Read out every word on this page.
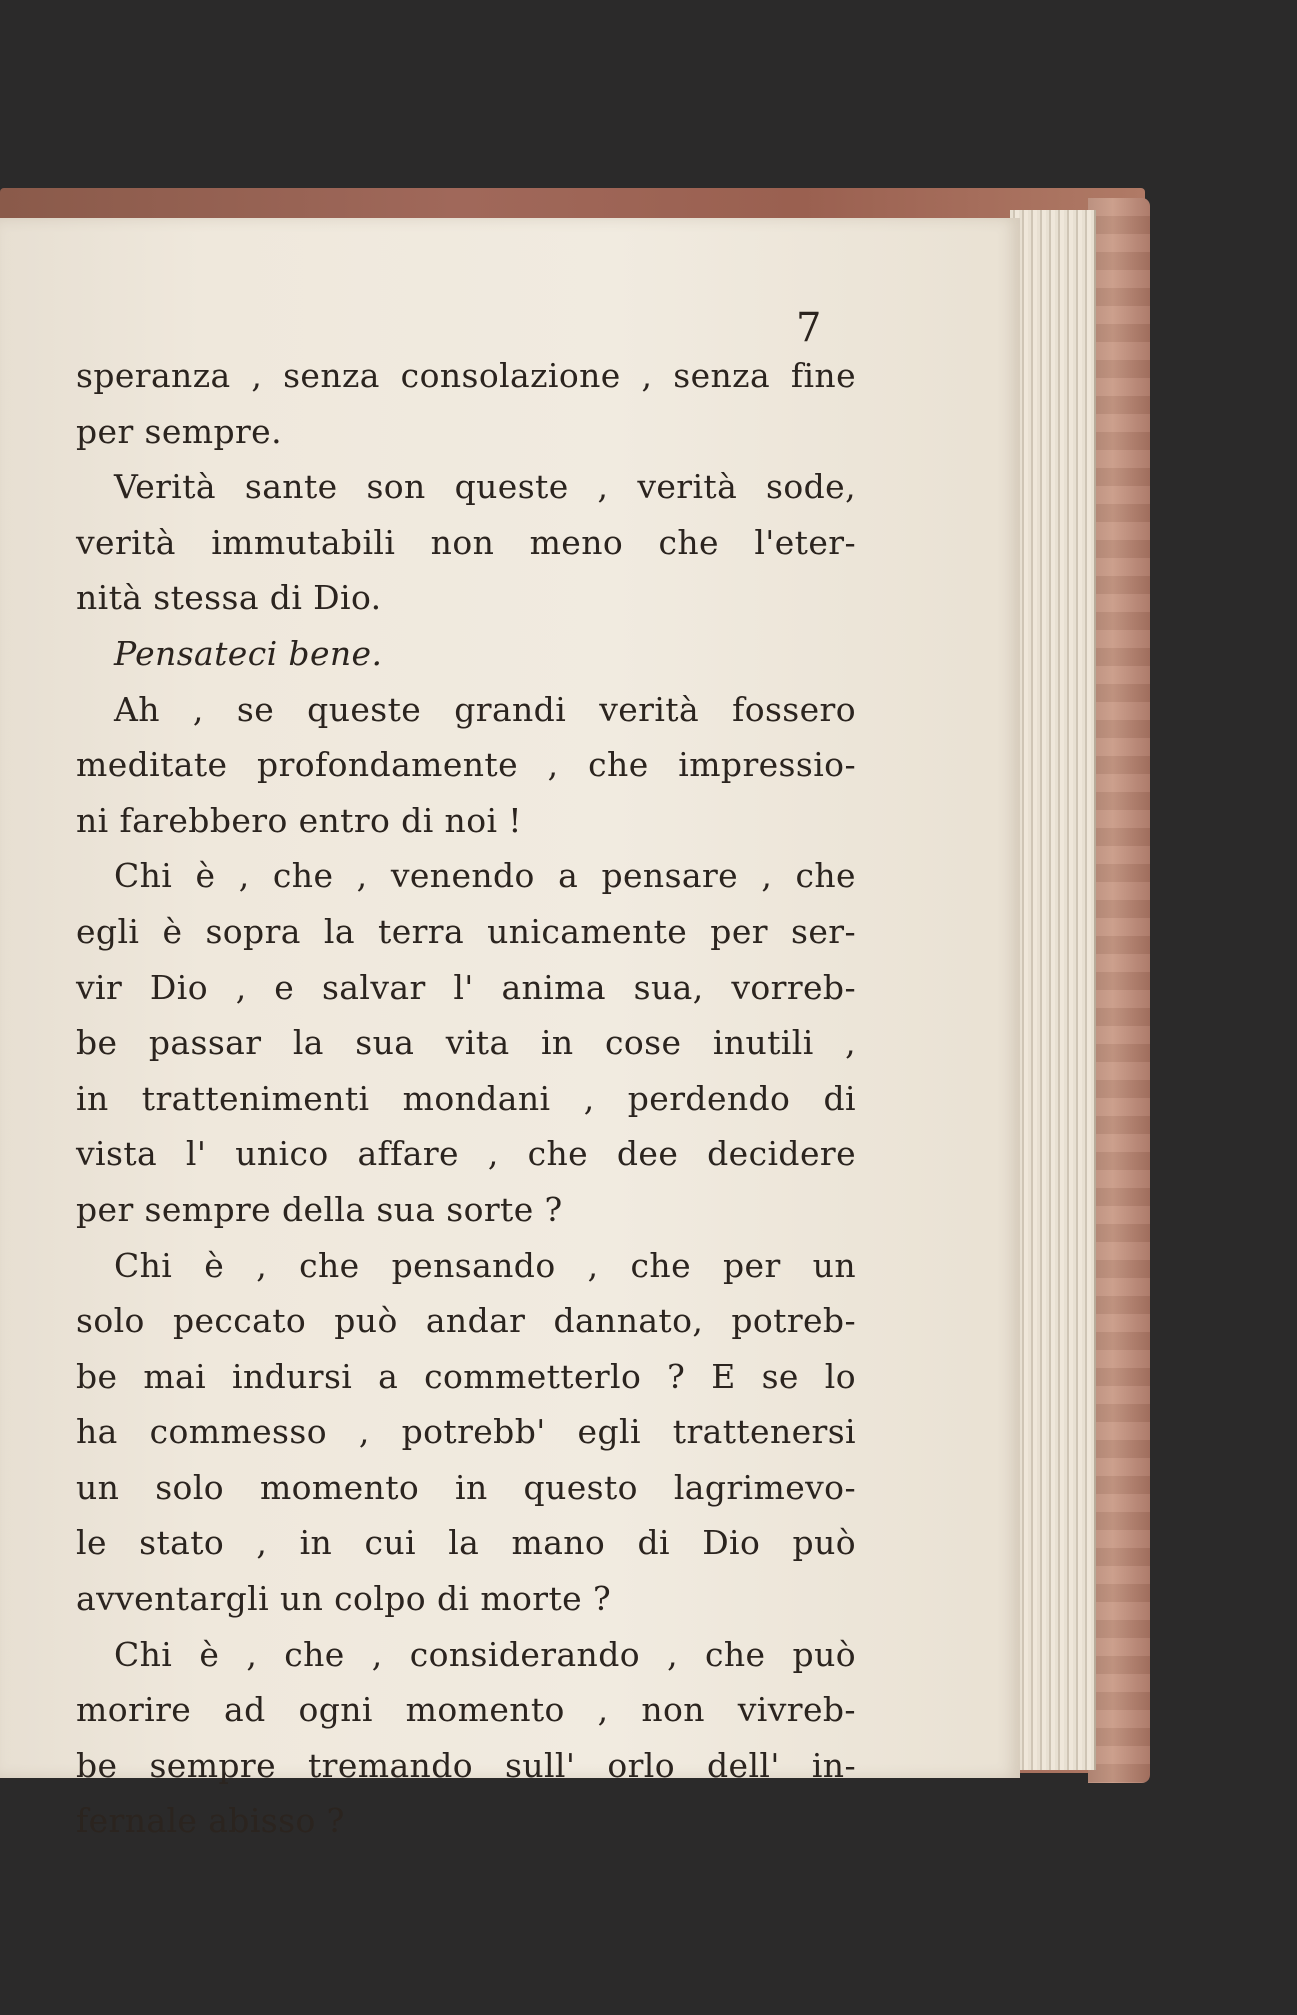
7
speranza , senza consolazione , senza fine
per sempre.
Verità sante son queste , verità sode,
verità immutabili non meno che l'eter-
nità stessa di Dio.
Pensateci bene.
Ah , se queste grandi verità fossero
meditate profondamente , che impressio-
ni farebbero entro di noi !
Chi è , che , venendo a pensare , che
egli è sopra la terra unicamente per ser-
vir Dio , e salvar l' anima sua, vorreb-
be passar la sua vita in cose inutili ,
in trattenimenti mondani , perdendo di
vista l' unico affare , che dee decidere
per sempre della sua sorte ?
Chi è , che pensando , che per un
solo peccato può andar dannato, potreb-
be mai indursi a commetterlo ? E se lo
ha commesso , potrebb' egli trattenersi
un solo momento in questo lagrimevo-
le stato , in cui la mano di Dio può
avventargli un colpo di morte ?
Chi è , che , considerando , che può
morire ad ogni momento , non vivreb-
be sempre tremando sull' orlo dell' in-
fernale abisso ?
